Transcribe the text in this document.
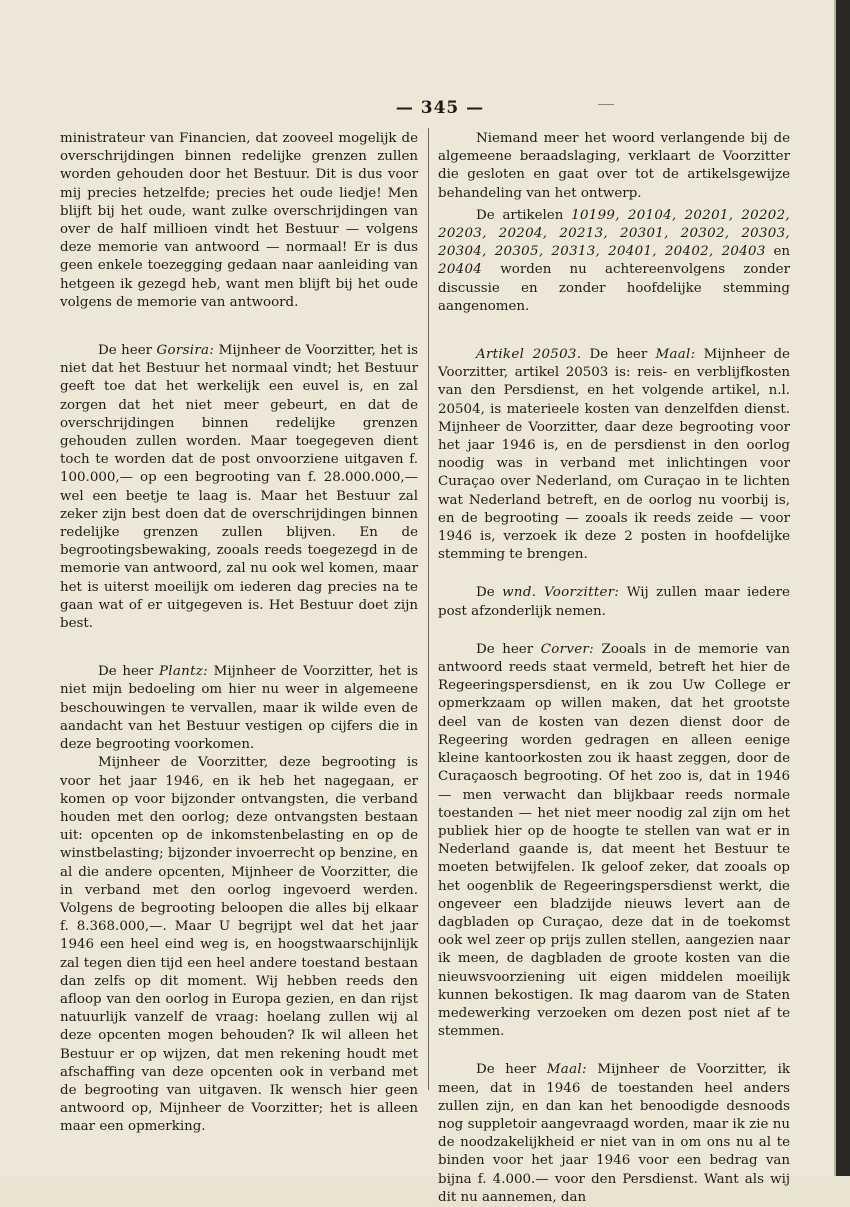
— 345 —

ministrateur van Financien, dat zooveel mogelijk de overschrijdingen binnen redelijke grenzen zullen worden gehouden door het Bestuur. Dit is dus voor mij precies hetzelfde; precies het oude liedje! Men blijft bij het oude, want zulke overschrijdingen van over de half millioen vindt het Bestuur — volgens deze memorie van antwoord — normaal! Er is dus geen enkele toezegging gedaan naar aanleiding van hetgeen ik gezegd heb, want men blijft bij het oude volgens de memorie van antwoord.

De heer Gorsira: Mijnheer de Voorzitter, het is niet dat het Bestuur het normaal vindt; het Bestuur geeft toe dat het werkelijk een euvel is, en zal zorgen dat het niet meer gebeurt, en dat de overschrijdingen binnen redelijke grenzen gehouden zullen worden. Maar toegegeven dient toch te worden dat de post onvoorziene uitgaven f. 100.000,— op een begrooting van f. 28.000.000,— wel een beetje te laag is. Maar het Bestuur zal zeker zijn best doen dat de overschrijdingen binnen redelijke grenzen zullen blijven. En de begrootingsbewaking, zooals reeds toegezegd in de memorie van antwoord, zal nu ook wel komen, maar het is uiterst moeilijk om iederen dag precies na te gaan wat of er uitgegeven is. Het Bestuur doet zijn best.

De heer Plantz: Mijnheer de Voorzitter, het is niet mijn bedoeling om hier nu weer in algemeene beschouwingen te vervallen, maar ik wilde even de aandacht van het Bestuur vestigen op cijfers die in deze begrooting voorkomen.

Mijnheer de Voorzitter, deze begrooting is voor het jaar 1946, en ik heb het nagegaan, er komen op voor bijzonder ontvangsten, die verband houden met den oorlog; deze ontvangsten bestaan uit: opcenten op de inkomstenbelasting en op de winstbelasting; bijzonder invoerrecht op benzine, en al die andere opcenten, Mijnheer de Voorzitter, die in verband met den oorlog ingevoerd werden. Volgens de begrooting beloopen die alles bij elkaar f. 8.368.000,—. Maar U begrijpt wel dat het jaar 1946 een heel eind weg is, en hoogstwaarschijnlijk zal tegen dien tijd een heel andere toestand bestaan dan zelfs op dit moment. Wij hebben reeds den afloop van den oorlog in Europa gezien, en dan rijst natuurlijk vanzelf de vraag: hoelang zullen wij al deze opcenten mogen behouden? Ik wil alleen het Bestuur er op wijzen, dat men rekening houdt met afschaffing van deze opcenten ook in verband met de begrooting van uitgaven. Ik wensch hier geen antwoord op, Mijnheer de Voorzitter; het is alleen maar een opmerking.

Niemand meer het woord verlangende bij de algemeene beraadslaging, verklaart de Voorzitter die gesloten en gaat over tot de artikelsgewijze behandeling van het ontwerp.

De artikelen 10199, 20104, 20201, 20202, 20203, 20204, 20213, 20301, 20302, 20303, 20304, 20305, 20313, 20401, 20402, 20403 en 20404 worden nu achtereenvolgens zonder discussie en zonder hoofdelijke stemming aangenomen.

Artikel 20503. De heer Maal: Mijnheer de Voorzitter, artikel 20503 is: reis- en verblijfkosten van den Persdienst, en het volgende artikel, n.l. 20504, is materieele kosten van denzelfden dienst. Mijnheer de Voorzitter, daar deze begrooting voor het jaar 1946 is, en de persdienst in den oorlog noodig was in verband met inlichtingen voor Curaçao over Nederland, om Curaçao in te lichten wat Nederland betreft, en de oorlog nu voorbij is, en de begrooting — zooals ik reeds zeide — voor 1946 is, verzoek ik deze 2 posten in hoofdelijke stemming te brengen.

De wnd. Voorzitter: Wij zullen maar iedere post afzonderlijk nemen.

De heer Corver: Zooals in de memorie van antwoord reeds staat vermeld, betreft het hier de Regeeringspersdienst, en ik zou Uw College er opmerkzaam op willen maken, dat het grootste deel van de kosten van dezen dienst door de Regeering worden gedragen en alleen eenige kleine kantoorkosten zou ik haast zeggen, door de Curaçaosch begrooting. Of het zoo is, dat in 1946 — men verwacht dan blijkbaar reeds normale toestanden — het niet meer noodig zal zijn om het publiek hier op de hoogte te stellen van wat er in Nederland gaande is, dat meent het Bestuur te moeten betwijfelen. Ik geloof zeker, dat zooals op het oogenblik de Regeeringspersdienst werkt, die ongeveer een bladzijde nieuws levert aan de dagbladen op Curaçao, deze dat in de toekomst ook wel zeer op prijs zullen stellen, aangezien naar ik meen, de dagbladen de groote kosten van die nieuwsvoorziening uit eigen middelen moeilijk kunnen bekostigen. Ik mag daarom van de Staten medewerking verzoeken om dezen post niet af te stemmen.

De heer Maal: Mijnheer de Voorzitter, ik meen, dat in 1946 de toestanden heel anders zullen zijn, en dan kan het benoodigde desnoods nog suppletoir aangevraagd worden, maar ik zie nu de noodzakelijkheid er niet van in om ons nu al te binden voor het jaar 1946 voor een bedrag van bijna f. 4.000.— voor den Persdienst. Want als wij dit nu aannemen, dan
